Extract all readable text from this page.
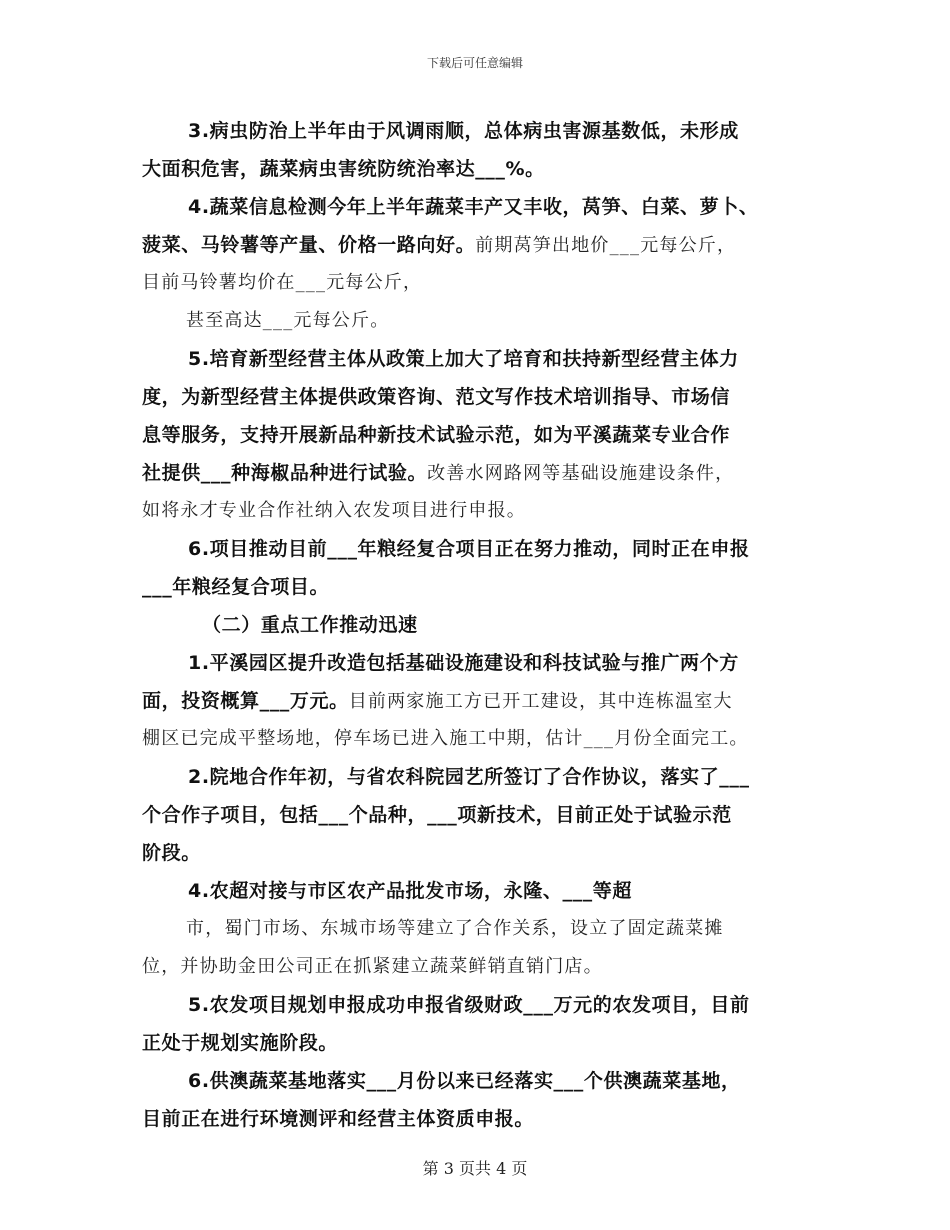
下载后可任意编辑
3.病虫防治上半年由于风调雨顺，总体病虫害源基数低，未形成
大面积危害，蔬菜病虫害统防统治率达___%。
4.蔬菜信息检测今年上半年蔬菜丰产又丰收，莴笋、白菜、萝卜、
菠菜、马铃薯等产量、价格一路向好。前期莴笋出地价___元每公斤，
目前马铃薯均价在___元每公斤，
甚至高达___元每公斤。
5.培育新型经营主体从政策上加大了培育和扶持新型经营主体力
度，为新型经营主体提供政策咨询、范文写作技术培训指导、市场信
息等服务，支持开展新品种新技术试验示范，如为平溪蔬菜专业合作
社提供___种海椒品种进行试验。改善水网路网等基础设施建设条件，
如将永才专业合作社纳入农发项目进行申报。
6.项目推动目前___年粮经复合项目正在努力推动，同时正在申报
___年粮经复合项目。
（二）重点工作推动迅速
1.平溪园区提升改造包括基础设施建设和科技试验与推广两个方
面，投资概算___万元。目前两家施工方已开工建设，其中连栋温室大
棚区已完成平整场地，停车场已进入施工中期，估计___月份全面完工。
2.院地合作年初，与省农科院园艺所签订了合作协议，落实了___
个合作子项目，包括___个品种，___项新技术，目前正处于试验示范
阶段。
4.农超对接与市区农产品批发市场，永隆、___等超
市，蜀门市场、东城市场等建立了合作关系，设立了固定蔬菜摊
位，并协助金田公司正在抓紧建立蔬菜鲜销直销门店。
5.农发项目规划申报成功申报省级财政___万元的农发项目，目前
正处于规划实施阶段。
6.供澳蔬菜基地落实___月份以来已经落实___个供澳蔬菜基地，
目前正在进行环境测评和经营主体资质申报。
第 3 页共 4 页
